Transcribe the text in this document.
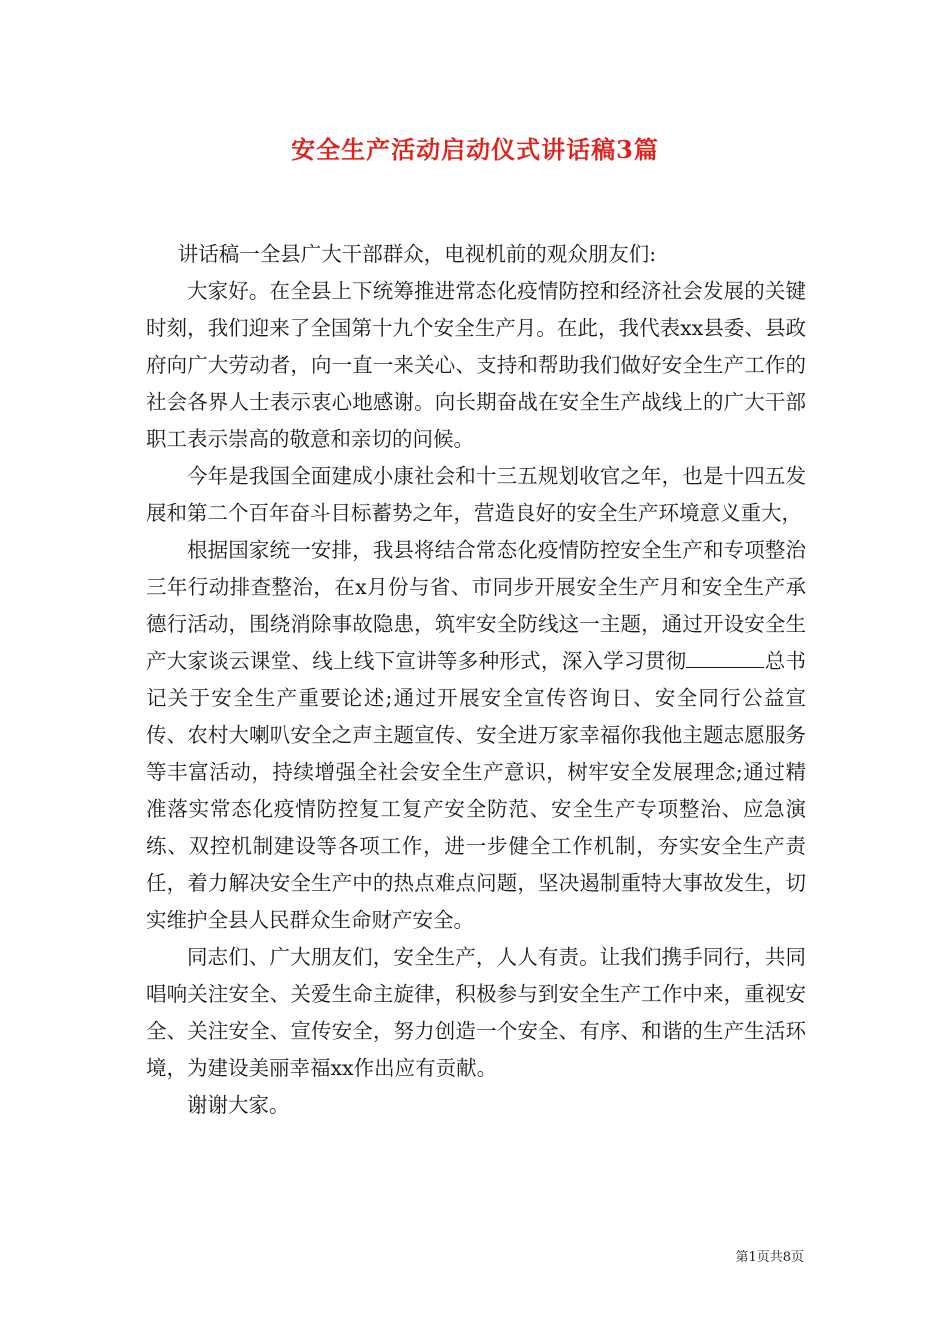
安全生产活动启动仪式讲话稿3篇

讲话稿一全县广大干部群众，电视机前的观众朋友们:

大家好。在全县上下统筹推进常态化疫情防控和经济社会发展的关键时刻，我们迎来了全国第十九个安全生产月。在此，我代表xx县委、县政府向广大劳动者，向一直一来关心、支持和帮助我们做好安全生产工作的社会各界人士表示衷心地感谢。向长期奋战在安全生产战线上的广大干部职工表示崇高的敬意和亲切的问候。

今年是我国全面建成小康社会和十三五规划收官之年，也是十四五发展和第二个百年奋斗目标蓄势之年，营造良好的安全生产环境意义重大，

根据国家统一安排，我县将结合常态化疫情防控安全生产和专项整治三年行动排查整治，在x月份与省、市同步开展安全生产月和安全生产承德行活动，围绕消除事故隐患，筑牢安全防线这一主题，通过开设安全生产大家谈云课堂、线上线下宣讲等多种形式，深入学习贯彻	总书记关于安全生产重要论述;通过开展安全宣传咨询日、安全同行公益宣传、农村大喇叭安全之声主题宣传、安全进万家幸福你我他主题志愿服务等丰富活动，持续增强全社会安全生产意识，树牢安全发展理念;通过精准落实常态化疫情防控复工复产安全防范、安全生产专项整治、应急演练、双控机制建设等各项工作，进一步健全工作机制，夯实安全生产责任，着力解决安全生产中的热点难点问题，坚决遏制重特大事故发生，切实维护全县人民群众生命财产安全。

同志们、广大朋友们，安全生产，人人有责。让我们携手同行，共同唱响关注安全、关爱生命主旋律，积极参与到安全生产工作中来，重视安全、关注安全、宣传安全，努力创造一个安全、有序、和谐的生产生活环境，为建设美丽幸福xx作出应有贡献。

谢谢大家。

第1页共8页
